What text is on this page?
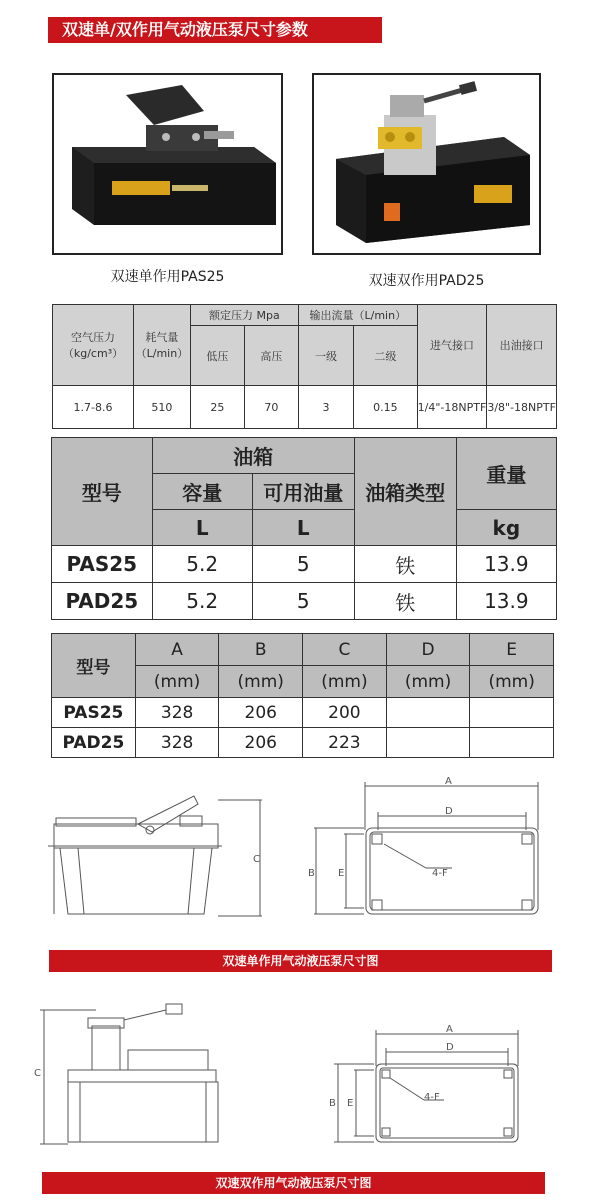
双速单/双作用气动液压泵尺寸参数
双速单作用PAS25	双速双作用PAD25
空气压力（kg/cm³）	耗气量（L/min）	额定压力 Mpa		输出流量（L/min）		进气接口	出油接口
		低压	高压	一级	二级		
1.7-8.6	510	25	70	3	0.15	1/4"-18NPTF	3/8"-18NPTF
型号	油箱		油箱类型	重量
	容量	可用油量		
	L	L		kg
PAS25	5.2	5	铁	13.9
PAD25	5.2	5	铁	13.9
型号	A	B	C	D	E
	(mm)	(mm)	(mm)	(mm)	(mm)
PAS25	328	206	200		
PAD25	328	206	223		
C
A
D
B E	4-F
双速单作用气动液压泵尺寸图
C
A
D
B E
4-F
双速双作用气动液压泵尺寸图
